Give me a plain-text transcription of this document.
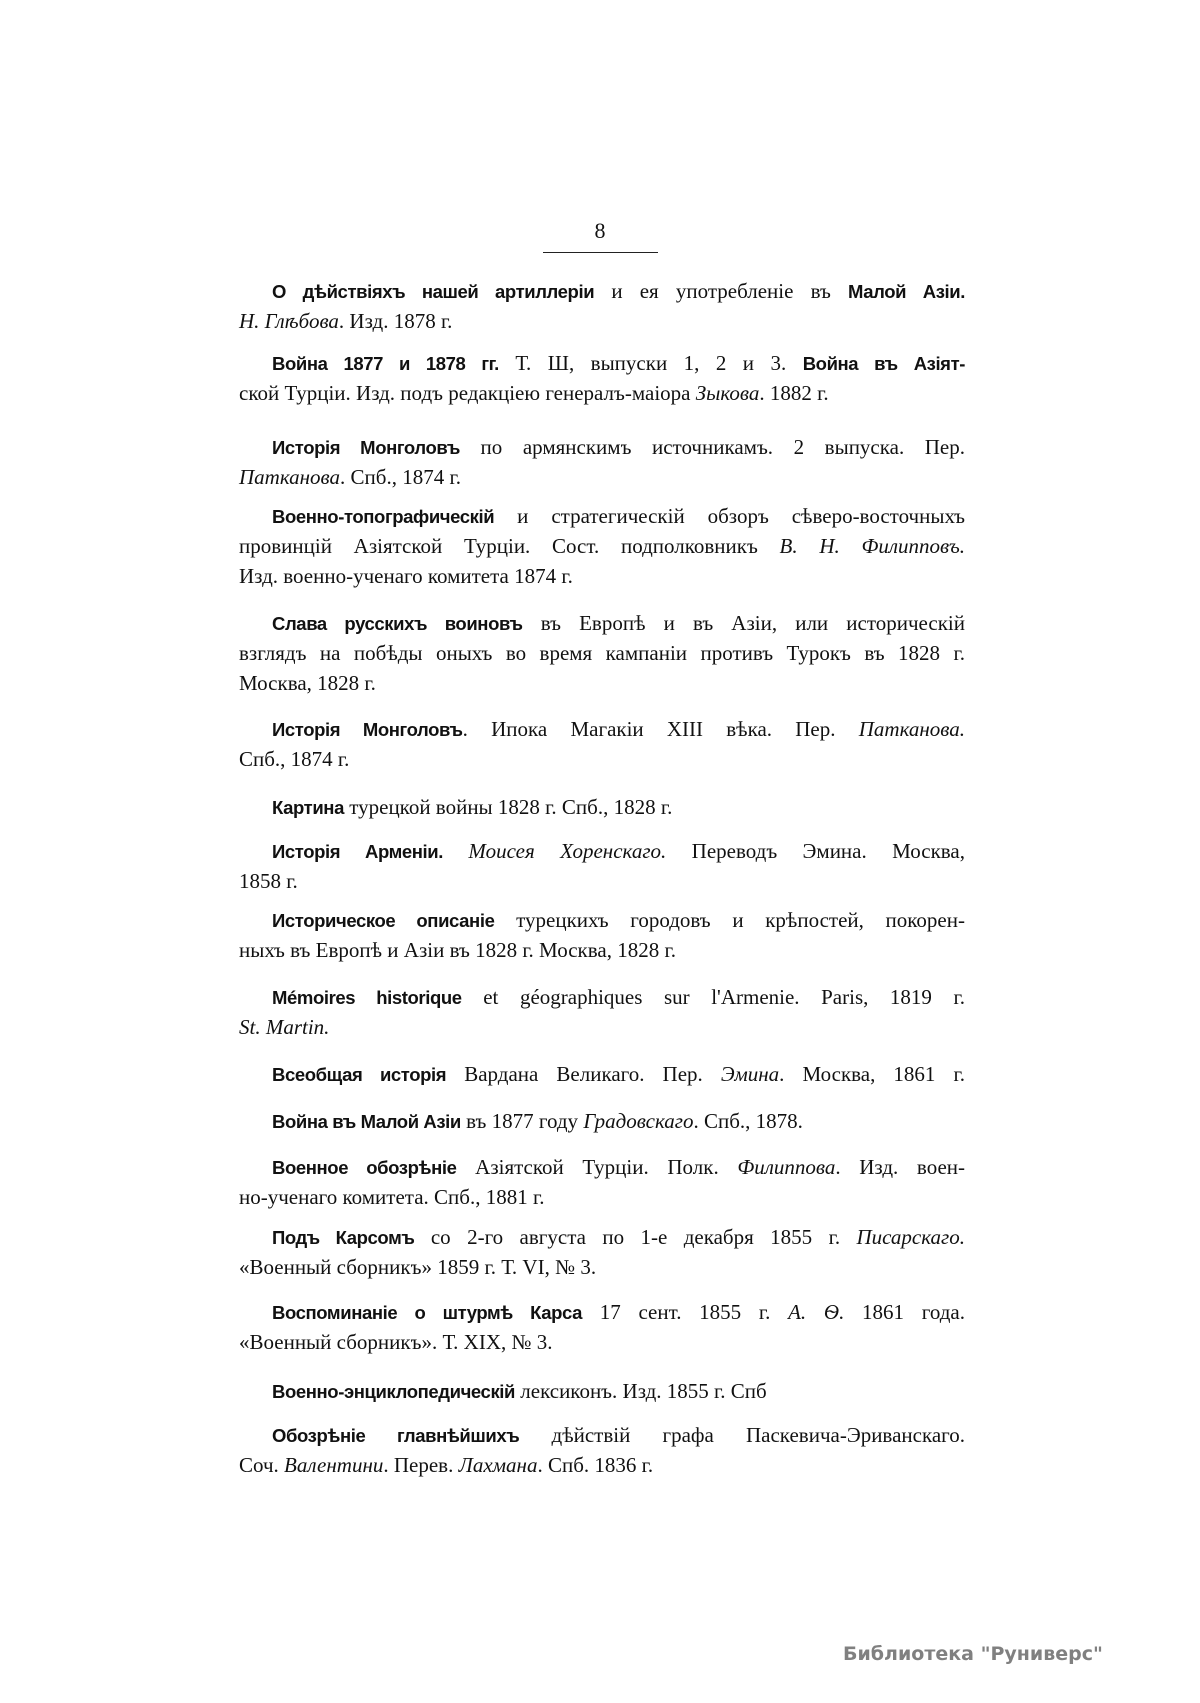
8
О дѣйствiяхъ нашей артиллерiи и ея употребленie въ Малой Азiи.
Н. Глѣбова. Изд. 1878 г.
Война 1877 и 1878 гг. Т. Ш, выпуски 1, 2 и 3. Война въ Азiят-
ской Турцiи. Изд. подъ редакцiею генералъ-маiора Зыкова. 1882 г.
Исторiя Монголовъ по армянскимъ источникамъ. 2 выпуска. Пер.
Патканова. Спб., 1874 г.
Военно-топографическiй и стратегическiй обзоръ сѣверо-восточныхъ
провинцiй Азiятской Турцiи. Сост. подполковникъ В. Н. Филипповъ.
Изд. военно-ученаго комитета 1874 г.
Слава русскихъ воиновъ въ Европѣ и въ Азiи, или историческiй
взглядъ на побѣды оныхъ во время кампанiи противъ Турокъ въ 1828 г.
Москва, 1828 г.
Исторiя Монголовъ. Ипока Магакiи XIII вѣка. Пер. Патканова.
Спб., 1874 г.
Картина турецкой войны 1828 г. Спб., 1828 г.
Исторiя Арменiи. Моисея Хоренскаго. Переводъ Эмина. Москва,
1858 г.
Историческое описанiе турецкихъ городовъ и крѣпостей, покорен-
ныхъ въ Европѣ и Азiи въ 1828 г. Москва, 1828 г.
Mémoires historique et géographiques sur l'Armenie. Paris, 1819 г.
St. Martin.
Всеобщая исторiя Вардана Великаго. Пер. Эмина. Москва, 1861 г.
Война въ Малой Азiи въ 1877 году Градовскаго. Спб., 1878.
Военное обозрѣнiе Азiятской Турцiи. Полк. Филиппова. Изд. воен-
но-ученаго комитета. Спб., 1881 г.
Подъ Карсомъ со 2-го августа по 1-е декабря 1855 г. Писарскаго.
«Военный сборникъ» 1859 г. Т. VI, № 3.
Воспоминанiе о штурмѣ Карса 17 сент. 1855 г. А. Ѳ. 1861 года.
«Военный сборникъ». Т. XIX, № 3.
Военно-энциклопедическiй лексиконъ. Изд. 1855 г. Спб
Обозрѣнiе главнѣйшихъ дѣйствiй графа Паскевича-Эриванскаго.
Соч. Валентини. Перев. Лахмана. Спб. 1836 г.
Библиотека "Руниверс"
